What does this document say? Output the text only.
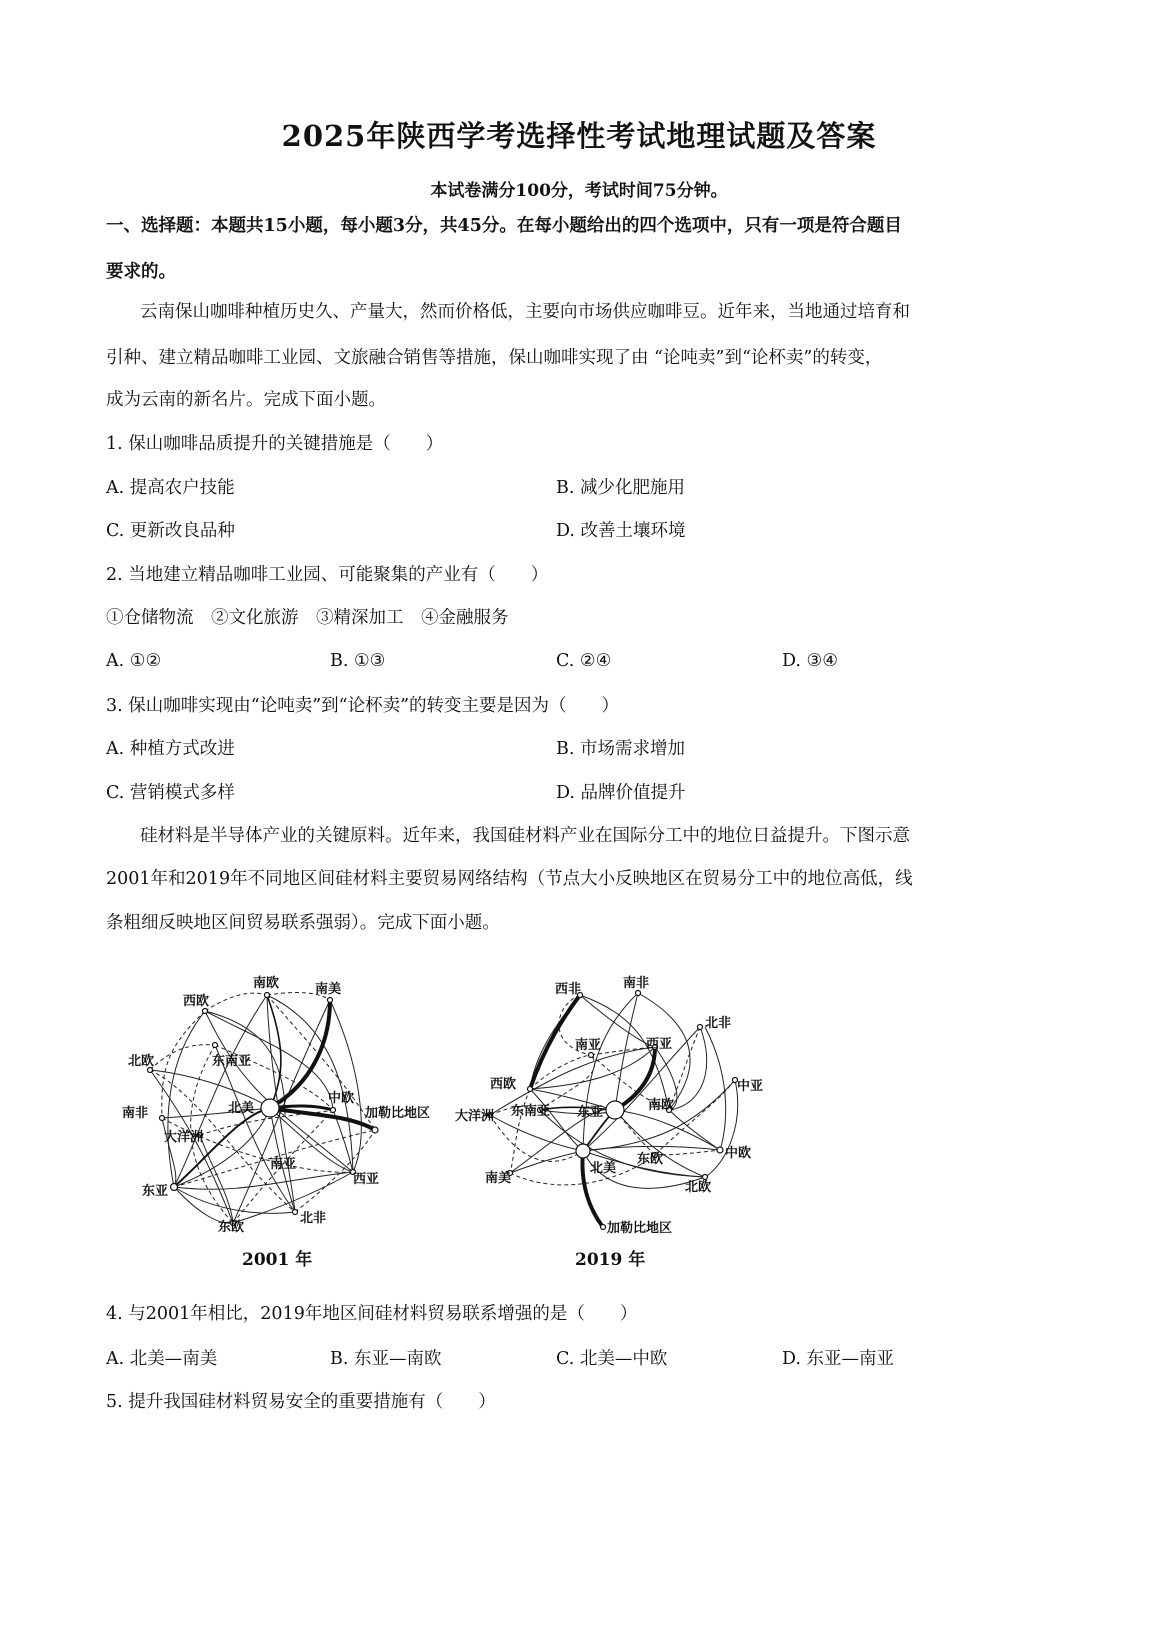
2025年陕西学考选择性考试地理试题及答案
本试卷满分100分，考试时间75分钟。
一、选择题：本题共15小题，每小题3分，共45分。在每小题给出的四个选项中，只有一项是符合题目
要求的。
云南保山咖啡种植历史久、产量大，然而价格低，主要向市场供应咖啡豆。近年来，当地通过培育和
引种、建立精品咖啡工业园、文旅融合销售等措施，保山咖啡实现了由 “论吨卖”到“论杯卖”的转变，
成为云南的新名片。完成下面小题。
1. 保山咖啡品质提升的关键措施是（　　）
A. 提高农户技能	B. 减少化肥施用
C. 更新改良品种	D. 改善土壤环境
2. 当地建立精品咖啡工业园、可能聚集的产业有（　　）
①仓储物流　②文化旅游　③精深加工　④金融服务
A. ①②	B. ①③	C. ②④	D. ③④
3. 保山咖啡实现由“论吨卖”到“论杯卖”的转变主要是因为（　　）
A. 种植方式改进	B. 市场需求增加
C. 营销模式多样	D. 品牌价值提升
硅材料是半导体产业的关键原料。近年来，我国硅材料产业在国际分工中的地位日益提升。下图示意
2001年和2019年不同地区间硅材料主要贸易网络结构（节点大小反映地区在贸易分工中的地位高低，线
条粗细反映地区间贸易联系强弱）。完成下面小题。
南欧
西欧
南美
北欧	东南亚
中欧
南非	北美	加勒比地区
大洋洲
南亚
西亚
东亚
北非
东欧
2001 年
西非	南非
北非
南亚	西亚
西欧	中亚
大洋洲 东南亚 东亚	南欧
东欧	中欧
南美
北美
北欧
加勒比地区
2019 年
4. 与2001年相比，2019年地区间硅材料贸易联系增强的是（　　）
A. 北美—南美	B. 东亚—南欧	C. 北美—中欧	D. 东亚—南亚
5. 提升我国硅材料贸易安全的重要措施有（　　）
